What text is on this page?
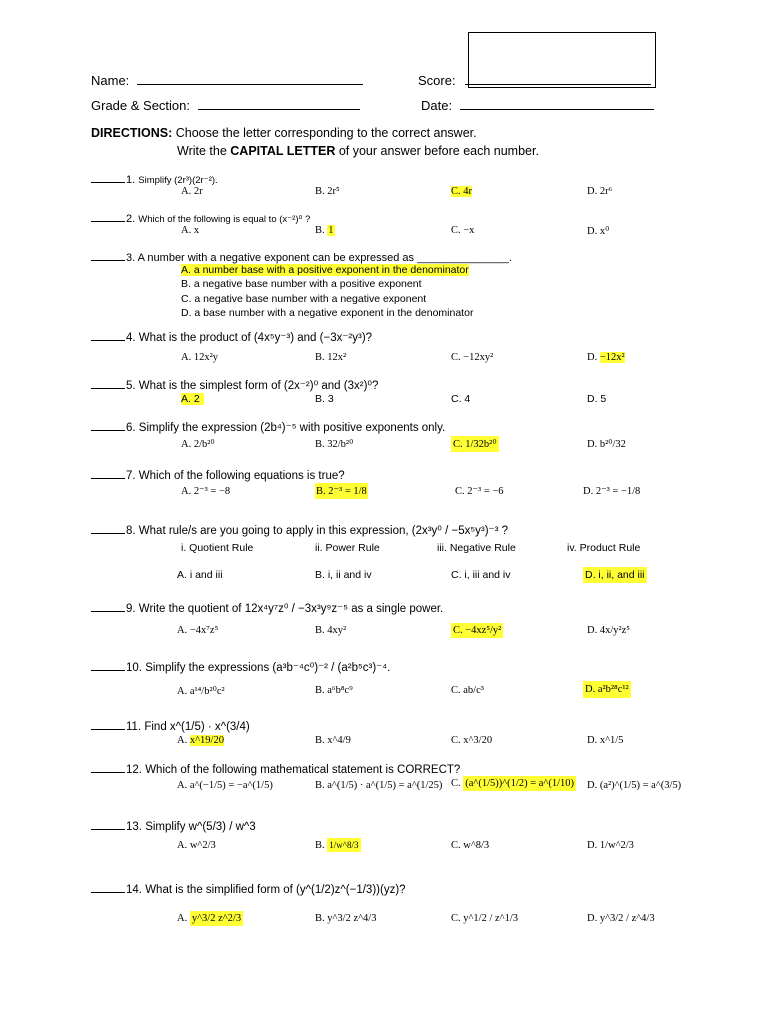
Name:	Score:
Grade & Section:	Date:
DIRECTIONS: Choose the letter corresponding to the correct answer.
Write the CAPITAL LETTER of your answer before each number.
1. Simplify (2r³)(2r⁻²).
A. 2r	B. 2r⁵	C. 4r	D. 2r⁶
2. Which of the following is equal to (x⁻²)⁰ ?
A. x	B. 1	C. −x	D. x⁰
3. A number with a negative exponent can be expressed as _______________.
A. a number base with a positive exponent in the denominator
B. a negative base number with a positive exponent
C. a negative base number with a negative exponent
D. a base number with a negative exponent in the denominator
4. What is the product of (4x⁵y⁻³) and (−3x⁻²y³)?
A. 12x²y	B. 12x²	C. −12xy²	D. −12x²
5. What is the simplest form of (2x⁻²)⁰ and (3x²)⁰?
A. 2	B. 3	C. 4	D. 5
6. Simplify the expression (2b⁴)⁻⁵ with positive exponents only.
A. 2/b²⁰	B. 32/b²⁰	C. 1/32b²⁰	D. b²⁰/32
7. Which of the following equations is true?
A. 2⁻³ = −8	B. 2⁻³ = 1/8	C. 2⁻³ = −6	D. 2⁻³ = −1/8
8. What rule/s are you going to apply in this expression, (2x³y⁰ / −5x⁵y³)⁻³ ?
i. Quotient Rule	ii. Power Rule	iii. Negative Rule	iv. Product Rule
A. i and iii	B. i, ii and iv	C. i, iii and iv	D. i, ii, and iii
9. Write the quotient of 12x⁴y⁷z⁰ / −3x³y⁹z⁻⁵ as a single power.
A. −4x⁷z⁵	B. 4xy²	C. −4xz⁵/y²	D. 4x/y²z⁵
10. Simplify the expressions (a³b⁻⁴c⁰)⁻² / (a²b⁵c³)⁻⁴.
A. a¹⁴/b²⁰c²	B. a⁶b⁸c⁹	C. ab/c³	D. a²b²⁸c¹²
11. Find x^(1/5) · x^(3/4)
A. x^19/20	B. x^4/9	C. x^3/20	D. x^1/5
12. Which of the following mathematical statement is CORRECT?
A. a^(−1/5) = −a^(1/5)	B. a^(1/5) · a^(1/5) = a^(1/25) C. (a^(1/5))^(1/2) = a^(1/10) D. (a²)^(1/5) = a^(3/5)
13. Simplify w^(5/3) / w^3
A. w^2/3	B. 1/w^8/3	C. w^8/3	D. 1/w^2/3
14. What is the simplified form of (y^(1/2)z^(−1/3))(yz)?
A. y^3/2 z^2/3	B. y^3/2 z^4/3	C. y^1/2 / z^1/3	D. y^3/2 / z^4/3
